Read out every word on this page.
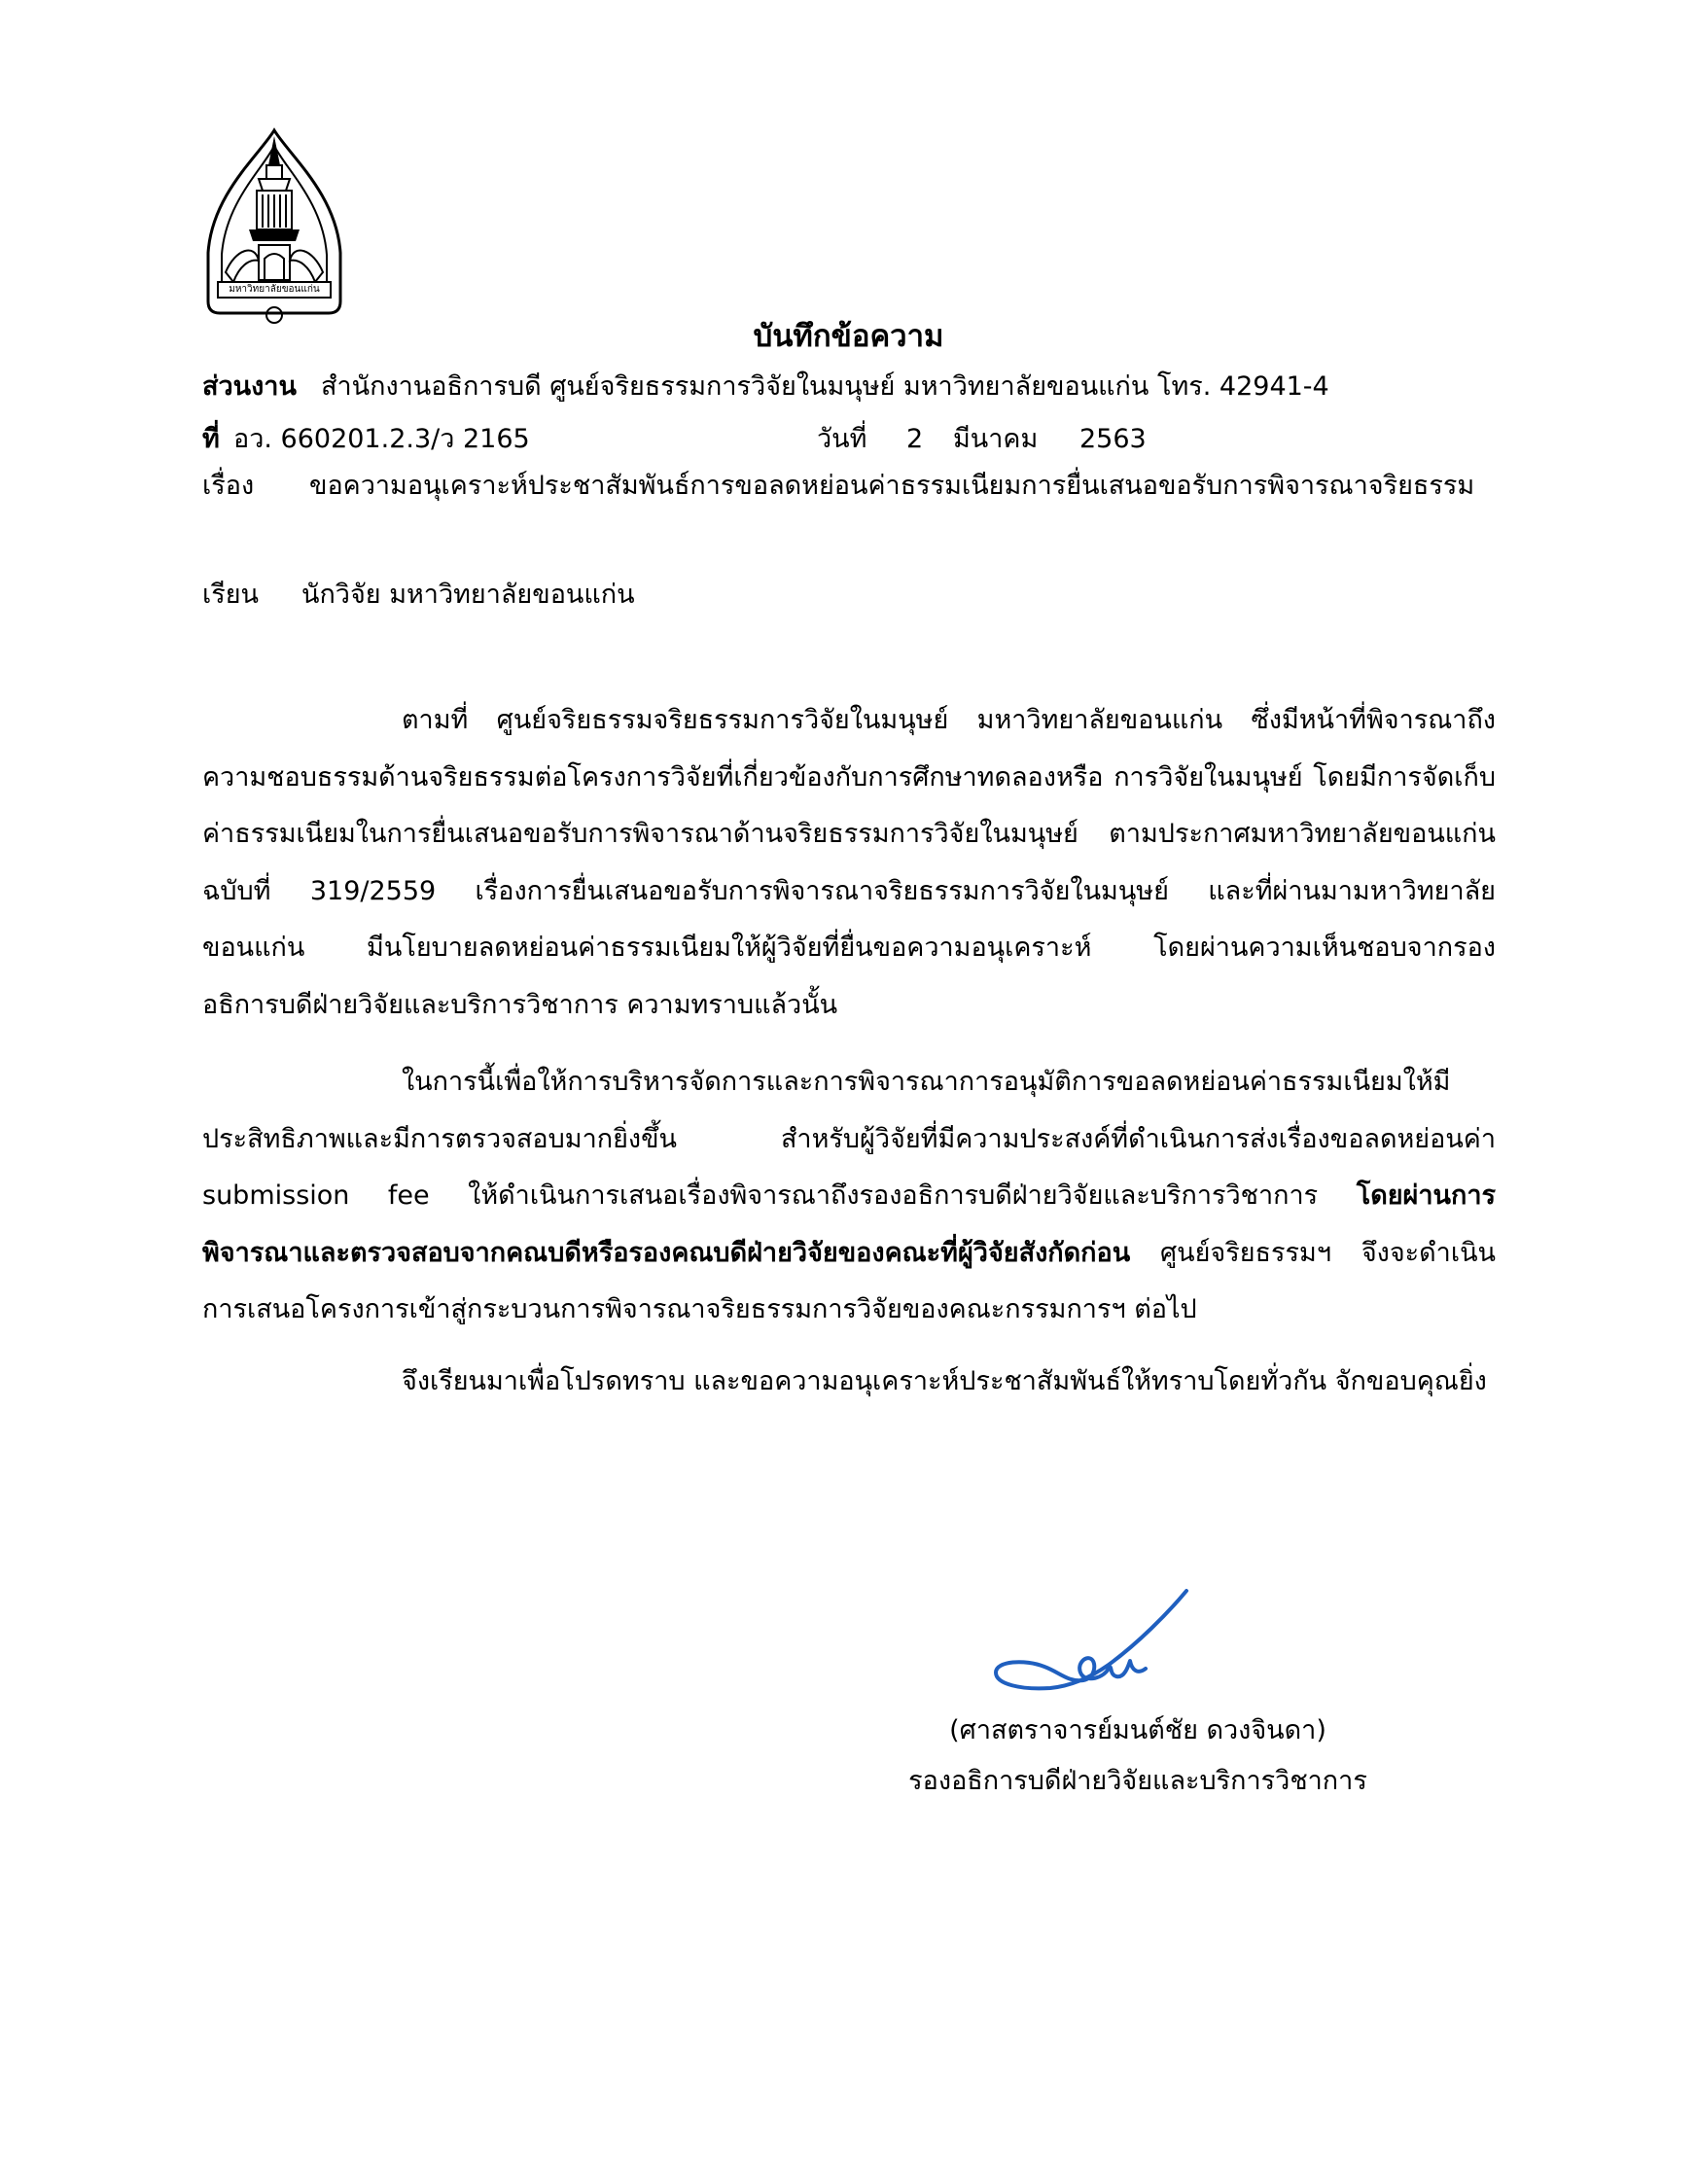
มหาวิทยาลัยขอนแก่น
บันทึกข้อความ
ส่วนงาน สำนักงานอธิการบดี ศูนย์จริยธรรมการวิจัยในมนุษย์ มหาวิทยาลัยขอนแก่น โทร. 42941-4
ที่ อว. 660201.2.3/ว 2165	วันที่ 2 มีนาคม 2563
เรื่อง ขอความอนุเคราะห์ประชาสัมพันธ์การขอลดหย่อนค่าธรรมเนียมการยื่นเสนอขอรับการพิจารณาจริยธรรม
เรียน นักวิจัย มหาวิทยาลัยขอนแก่น
ตามที่ ศูนย์จริยธรรมจริยธรรมการวิจัยในมนุษย์ มหาวิทยาลัยขอนแก่น ซึ่งมีหน้าที่พิจารณาถึงความชอบธรรมด้านจริยธรรมต่อโครงการวิจัยที่เกี่ยวข้องกับการศึกษาทดลองหรือ การวิจัยในมนุษย์ โดยมีการจัดเก็บค่าธรรมเนียมในการยื่นเสนอขอรับการพิจารณาด้านจริยธรรมการวิจัยในมนุษย์ ตามประกาศมหาวิทยาลัยขอนแก่น ฉบับที่ 319/2559 เรื่องการยื่นเสนอขอรับการพิจารณาจริยธรรมการวิจัยในมนุษย์ และที่ผ่านมามหาวิทยาลัยขอนแก่น มีนโยบายลดหย่อนค่าธรรมเนียมให้ผู้วิจัยที่ยื่นขอความอนุเคราะห์ โดยผ่านความเห็นชอบจากรองอธิการบดีฝ่ายวิจัยและบริการวิชาการ ความทราบแล้วนั้น
ในการนี้เพื่อให้การบริหารจัดการและการพิจารณาการอนุมัติการขอลดหย่อนค่าธรรมเนียมให้มีประสิทธิภาพและมีการตรวจสอบมากยิ่งขึ้น สำหรับผู้วิจัยที่มีความประสงค์ที่ดำเนินการส่งเรื่องขอลดหย่อนค่า submission fee ให้ดำเนินการเสนอเรื่องพิจารณาถึงรองอธิการบดีฝ่ายวิจัยและบริการวิชาการ โดยผ่านการพิจารณาและตรวจสอบจากคณบดีหรือรองคณบดีฝ่ายวิจัยของคณะที่ผู้วิจัยสังกัดก่อน ศูนย์จริยธรรมฯ จึงจะดำเนินการเสนอโครงการเข้าสู่กระบวนการพิจารณาจริยธรรมการวิจัยของคณะกรรมการฯ ต่อไป
จึงเรียนมาเพื่อโปรดทราบ และขอความอนุเคราะห์ประชาสัมพันธ์ให้ทราบโดยทั่วกัน จักขอบคุณยิ่ง
(ศาสตราจารย์มนต์ชัย ดวงจินดา)
รองอธิการบดีฝ่ายวิจัยและบริการวิชาการ
